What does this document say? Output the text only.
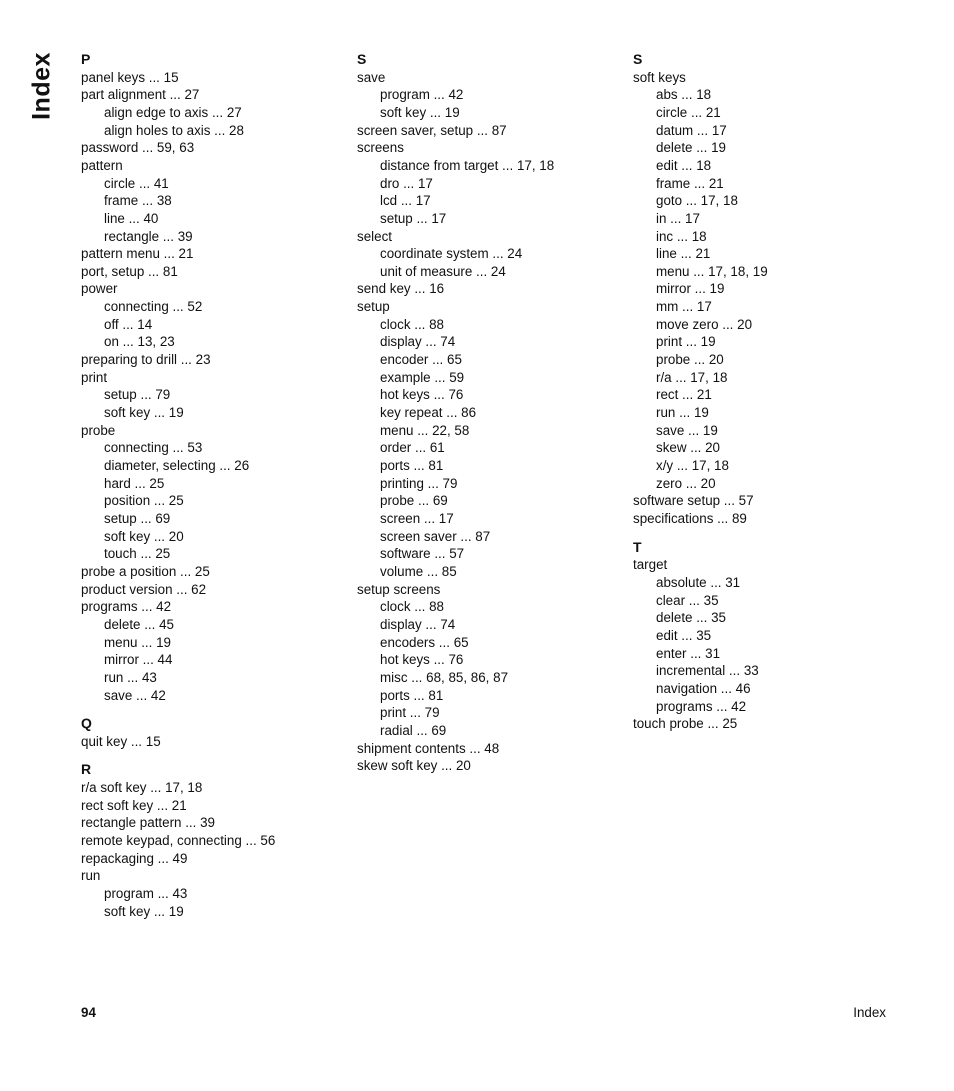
Index P
panel keys ... 15
part alignment ... 27
align edge to axis ... 27
align holes to axis ... 28
password ... 59, 63
pattern
circle ... 41
frame ... 38
line ... 40
rectangle ... 39
pattern menu ... 21
port, setup ... 81
power
connecting ... 52
off ... 14
on ... 13, 23
preparing to drill ... 23
print
setup ... 79
soft key ... 19
probe
connecting ... 53
diameter, selecting ... 26
hard ... 25
position ... 25
setup ... 69
soft key ... 20
touch ... 25
probe a position ... 25
product version ... 62
programs ... 42
delete ... 45
menu ... 19
mirror ... 44
run ... 43
save ... 42
Q
quit key ... 15
R
r/a soft key ... 17, 18
rect soft key ... 21
rectangle pattern ... 39
remote keypad, connecting ... 56
repackaging ... 49
run
program ... 43
soft key ... 19
S
save
program ... 42
soft key ... 19
screen saver, setup ... 87
screens
distance from target ... 17, 18
dro ... 17
lcd ... 17
setup ... 17
select
coordinate system ... 24
unit of measure ... 24
send key ... 16
setup
clock ... 88
display ... 74
encoder ... 65
example ... 59
hot keys ... 76
key repeat ... 86
menu ... 22, 58
order ... 61
ports ... 81
printing ... 79
probe ... 69
screen ... 17
screen saver ... 87
software ... 57
volume ... 85
setup screens
clock ... 88
display ... 74
encoders ... 65
hot keys ... 76
misc ... 68, 85, 86, 87
ports ... 81
print ... 79
radial ... 69
shipment contents ... 48
skew soft key ... 20
S
soft keys
abs ... 18
circle ... 21
datum ... 17
delete ... 19
edit ... 18
frame ... 21
goto ... 17, 18
in ... 17
inc ... 18
line ... 21
menu ... 17, 18, 19
mirror ... 19
mm ... 17
move zero ... 20
print ... 19
probe ... 20
r/a ... 17, 18
rect ... 21
run ... 19
save ... 19
skew ... 20
x/y ... 17, 18
zero ... 20
software setup ... 57
specifications ... 89
T
target
absolute ... 31
clear ... 35
delete ... 35
edit ... 35
enter ... 31
incremental ... 33
navigation ... 46
programs ... 42
touch probe ... 25
94	Index
